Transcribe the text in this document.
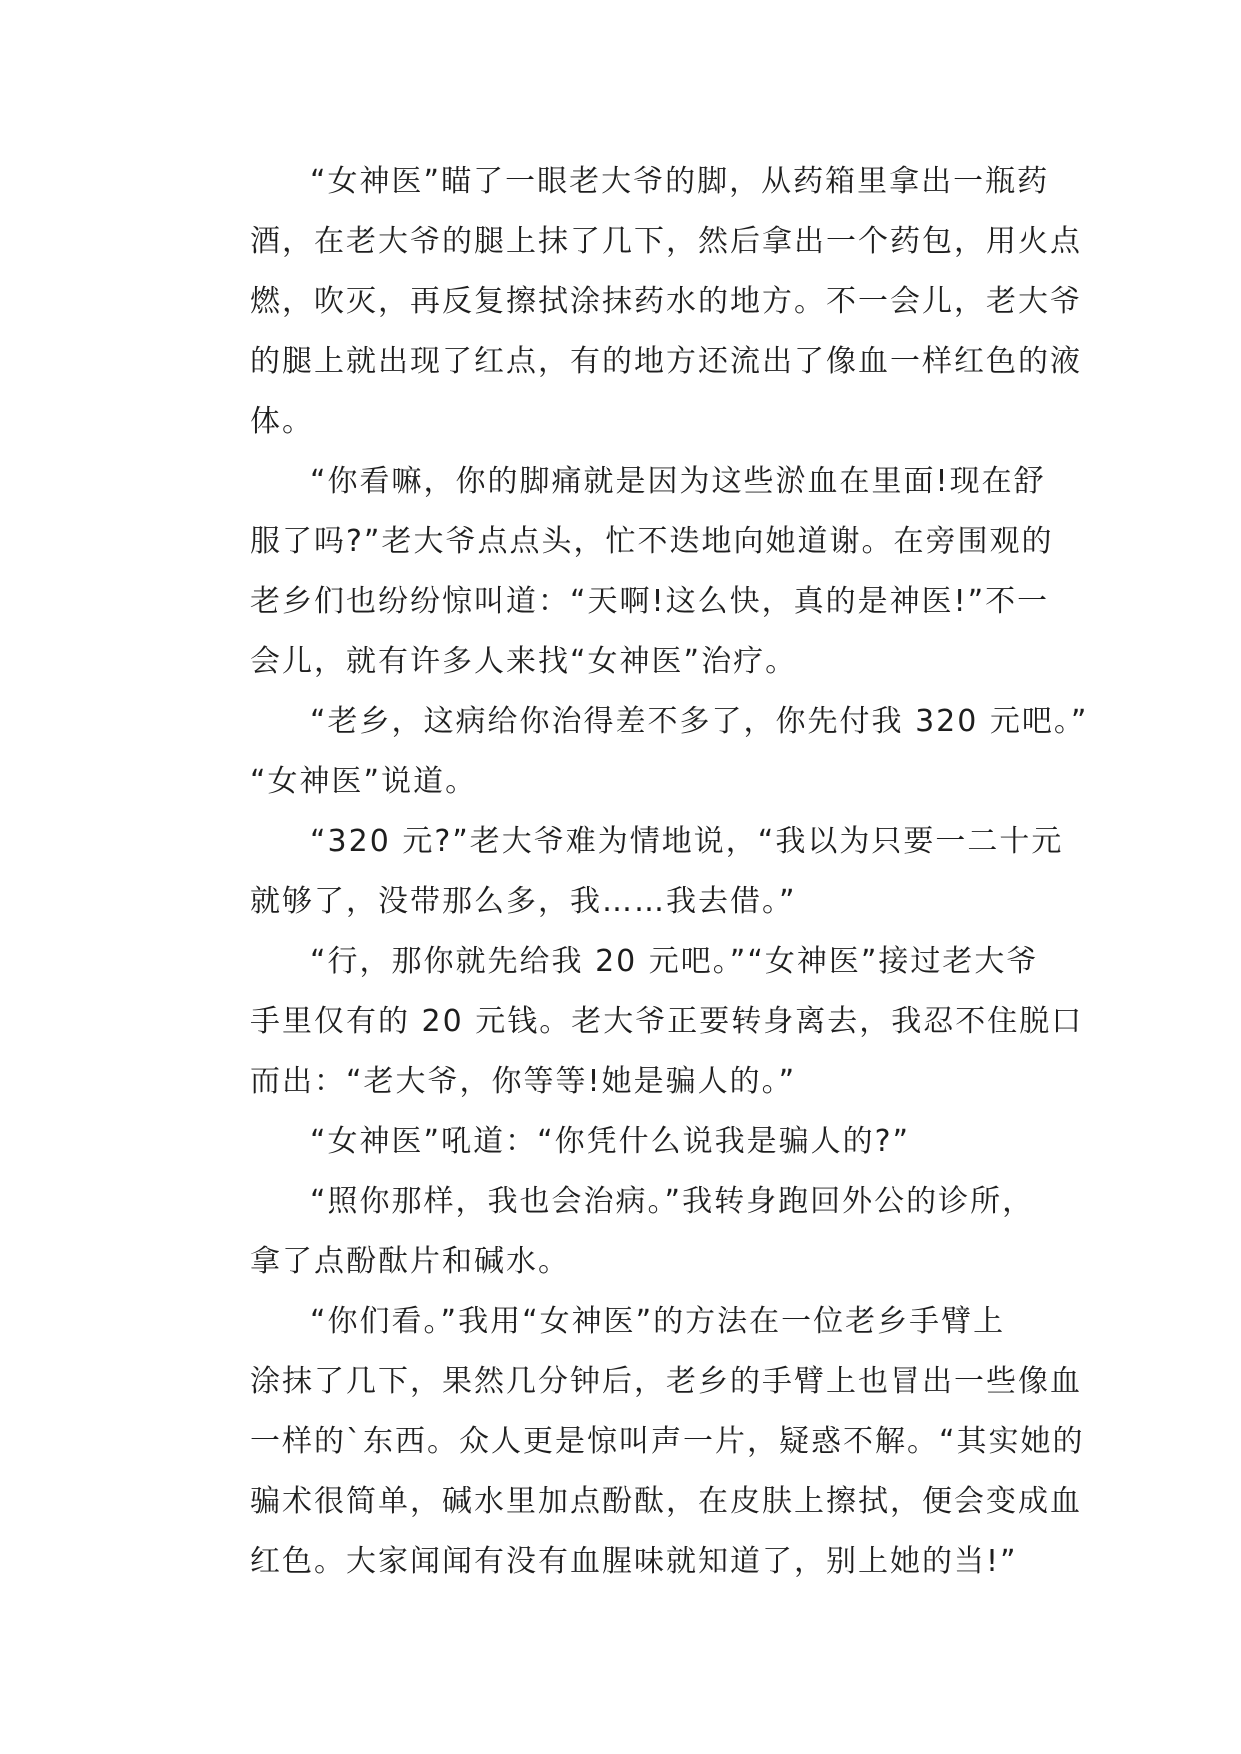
“女神医”瞄了一眼老大爷的脚，从药箱里拿出一瓶药
酒，在老大爷的腿上抹了几下，然后拿出一个药包，用火点
燃，吹灭，再反复擦拭涂抹药水的地方。不一会儿，老大爷
的腿上就出现了红点，有的地方还流出了像血一样红色的液
体。
“你看嘛，你的脚痛就是因为这些淤血在里面!现在舒
服了吗?”老大爷点点头，忙不迭地向她道谢。在旁围观的
老乡们也纷纷惊叫道：“天啊!这么快，真的是神医!”不一
会儿，就有许多人来找“女神医”治疗。
“老乡，这病给你治得差不多了，你先付我 320 元吧。”
“女神医”说道。
“320 元?”老大爷难为情地说，“我以为只要一二十元
就够了，没带那么多，我……我去借。”
“行，那你就先给我 20 元吧。”“女神医”接过老大爷
手里仅有的 20 元钱。老大爷正要转身离去，我忍不住脱口
而出：“老大爷，你等等!她是骗人的。”
“女神医”吼道：“你凭什么说我是骗人的?”
“照你那样，我也会治病。”我转身跑回外公的诊所，
拿了点酚酞片和碱水。
“你们看。”我用“女神医”的方法在一位老乡手臂上
涂抹了几下，果然几分钟后，老乡的手臂上也冒出一些像血
一样的`东西。众人更是惊叫声一片，疑惑不解。“其实她的
骗术很简单，碱水里加点酚酞，在皮肤上擦拭，便会变成血
红色。大家闻闻有没有血腥味就知道了，别上她的当!”
